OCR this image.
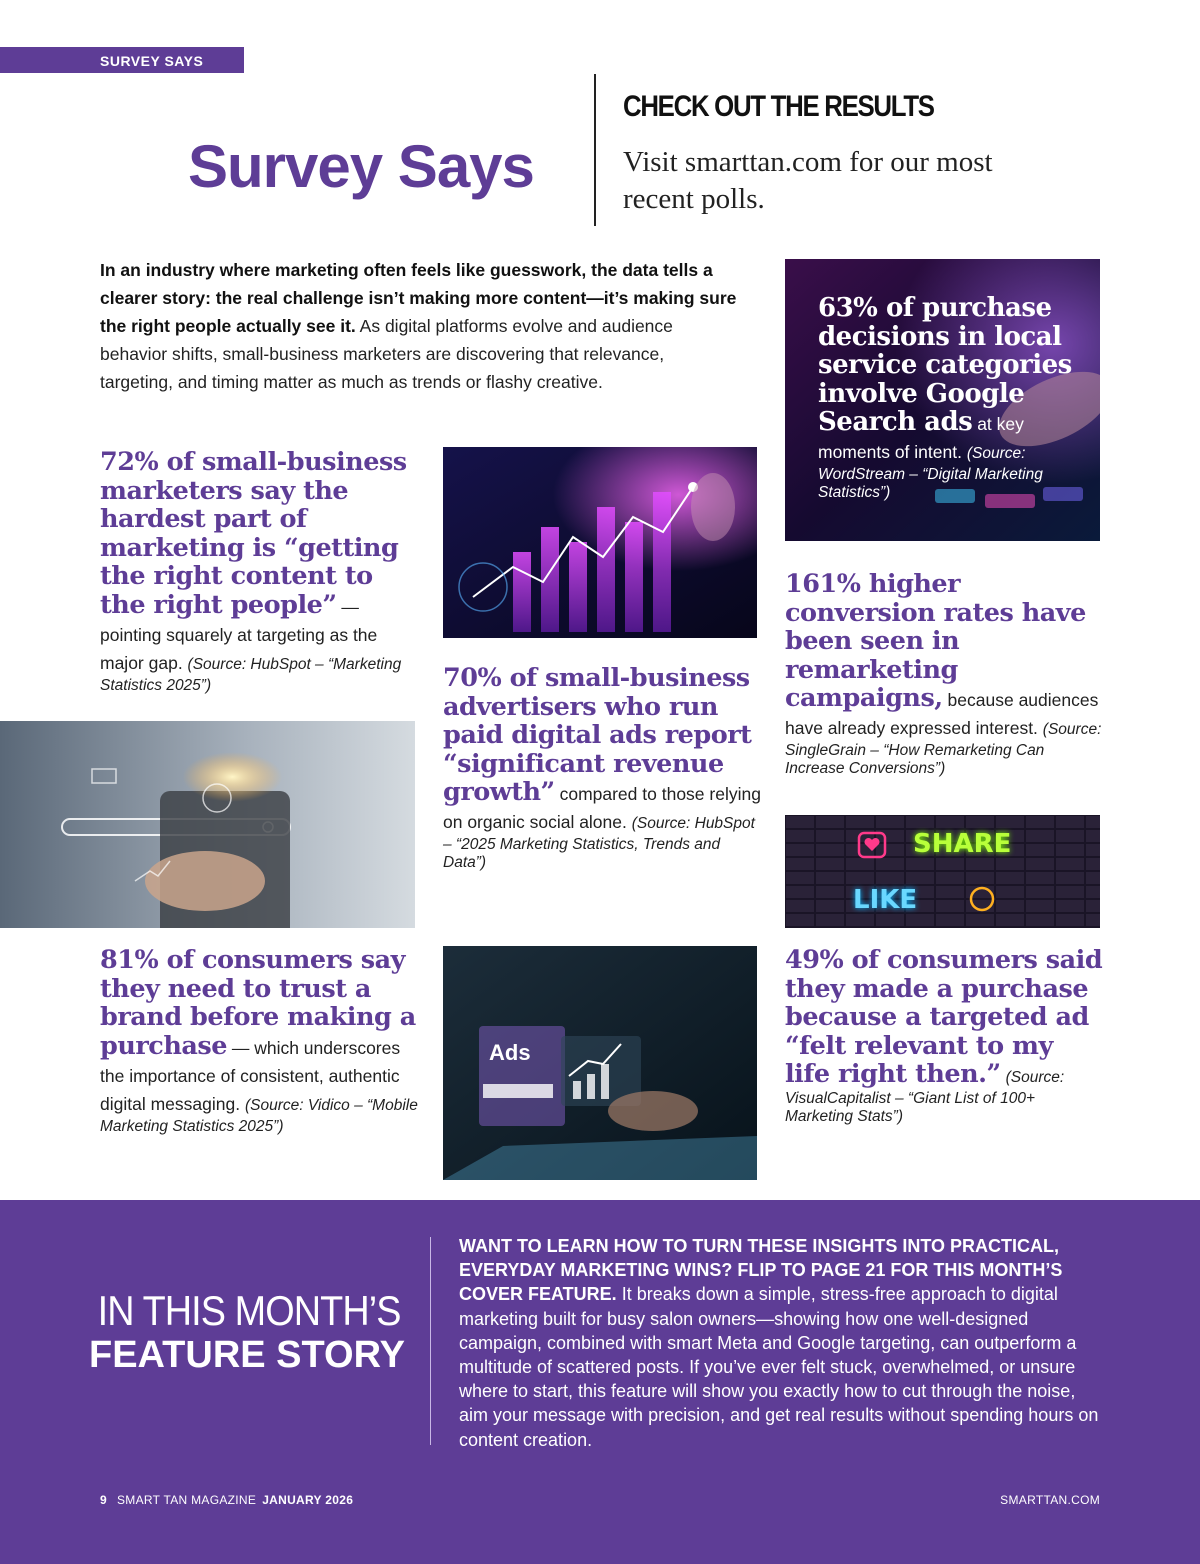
SURVEY SAYS
Survey Says
CHECK OUT THE RESULTS
Visit smarttan.com for our most recent polls.

In an industry where marketing often feels like guesswork, the data tells a clearer story: the real challenge isn’t making more content—it’s making sure the right people actually see it. As digital platforms evolve and audience behavior shifts, small-business marketers are discovering that relevance, targeting, and timing matter as much as trends or flashy creative.

72% of small-business marketers say the hardest part of marketing is “getting the right content to the right people” — pointing squarely at targeting as the major gap. (Source: HubSpot – “Marketing Statistics 2025”)
63% of purchase decisions in local service categories involve Google Search ads at key moments of intent. (Source: WordStream – “Digital Marketing Statistics”)
161% higher conversion rates have been seen in remarketing campaigns, because audiences have already expressed interest. (Source: SingleGrain – “How Remarketing Can Increase Conversions”)
70% of small-business advertisers who run paid digital ads report “significant revenue growth” compared to those relying on organic social alone. (Source: HubSpot – “2025 Marketing Statistics, Trends and Data”)
SHARE
LIKE
81% of consumers say they need to trust a brand before making a purchase — which underscores the importance of consistent, authentic digital messaging. (Source: Vidico – “Mobile Marketing Statistics 2025”)
Ads
49% of consumers said they made a purchase because a targeted ad “felt relevant to my life right then.” (Source: VisualCapitalist – “Giant List of 100+ Marketing Stats”)
IN THIS MONTH’S
FEATURE STORY

WANT TO LEARN HOW TO TURN THESE INSIGHTS INTO PRACTICAL, EVERYDAY MARKETING WINS? FLIP TO PAGE 21 FOR THIS MONTH’S COVER FEATURE. It breaks down a simple, stress-free approach to digital marketing built for busy salon owners—showing how one well-designed campaign, combined with smart Meta and Google targeting, can outperform a multitude of scattered posts. If you’ve ever felt stuck, overwhelmed, or unsure where to start, this feature will show you exactly how to cut through the noise, aim your message with precision, and get real results without spending hours on content creation.

9 SMART TAN MAGAZINE JANUARY 2026	SMARTTAN.COM
